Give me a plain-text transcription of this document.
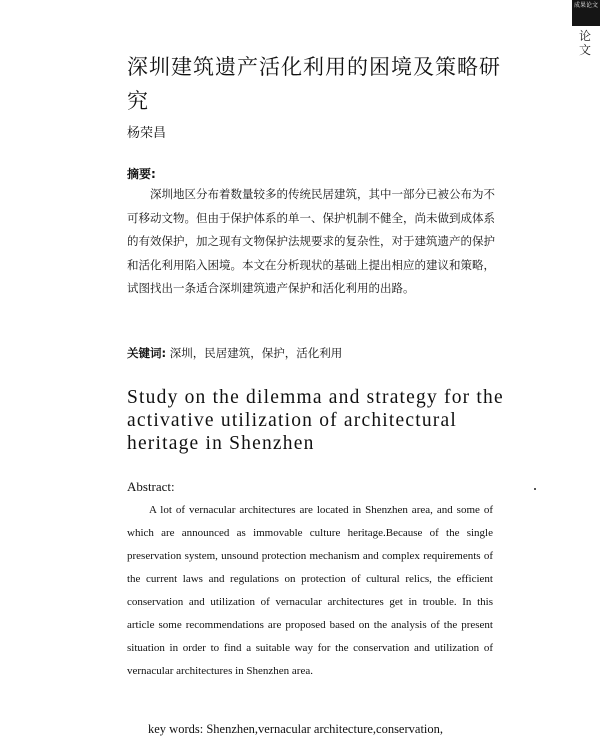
成果论文
论文
深圳建筑遗产活化利用的困境及策略研究

杨荣昌

摘要:

深圳地区分布着数量较多的传统民居建筑，其中一部分已被公布为不可移动文物。但由于保护体系的单一、保护机制不健全，尚未做到成体系的有效保护，加之现有文物保护法规要求的复杂性，对于建筑遗产的保护和活化利用陷入困境。本文在分析现状的基础上提出相应的建议和策略，试图找出一条适合深圳建筑遗产保护和活化利用的出路。

关键词: 深圳，民居建筑，保护，活化利用
Study on the dilemma and strategy for the activative utilization of architectural heritage in Shenzhen
Abstract:

A lot of vernacular architectures are located in Shenzhen area, and some of which are announced as immovable culture heritage.Because of the single preservation system, unsound protection mechanism and complex requirements of the current laws and regulations on protection of cultural relics, the efficient conservation and utilization of vernacular architectures get in trouble. In this article some recommendations are proposed based on the analysis of the present situation in order to find a suitable way for the conservation and utilization of vernacular architectures in Shenzhen area.

key words: Shenzhen,vernacular architecture,conservation,
